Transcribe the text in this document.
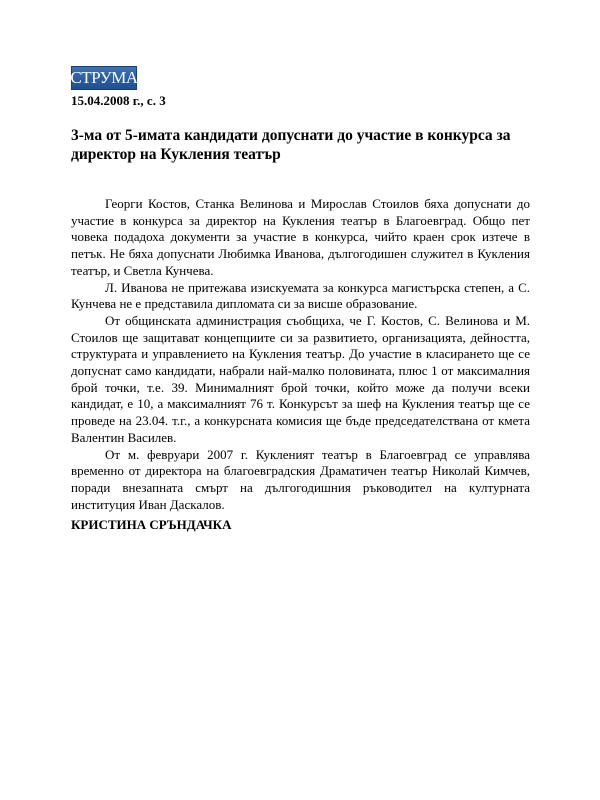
СТРУМА
15.04.2008 г., с. 3
3-ма от 5-имата кандидати допуснати до участие в конкурса за директор на Кукления театър

Георги Костов, Станка Велинова и Мирослав Стоилов бяха допуснати до участие в конкурса за директор на Куклeния театър в Благоевград. Общо пет човека подадоха документи за участие в конкурса, чийто краен срок изтече в петък. Не бяха допуснати Любимка Иванова, дългогодишен служител в Куклeния театър, и Светла Кунчева.

Л. Иванова не притежава изискуемата за конкурса магистърска степен, а С. Кунчева не е представила дипломата си за висше образование.

От общинската администрация съобщиха, че Г. Костов, С. Велинова и М. Стоилов ще защитават концепциите си за развитието, организацията, дейността, структурата и управлението на Куклeния театър. До участие в класирането ще се допуснат само кандидати, набрали най-малко половината, плюс 1 от максималния брой точки, т.е. 39. Минималният брой точки, който може да получи всеки кандидат, е 10, а максималният 76 т. Конкурсът за шеф на Куклeния театър ще се проведе на 23.04. т.г., а конкурсната комисия ще бъде председателствана от кмета Валентин Василев.

От м. февруари 2007 г. Куклeният театър в Благоевград се управлява временно от директора на благоевградския Драматичен театър Николай Кимчев, поради внезапната смърт на дългогодишния ръководител на културната институция Иван Даскалов.

КРИСТИНА СРЪНДАЧКА
